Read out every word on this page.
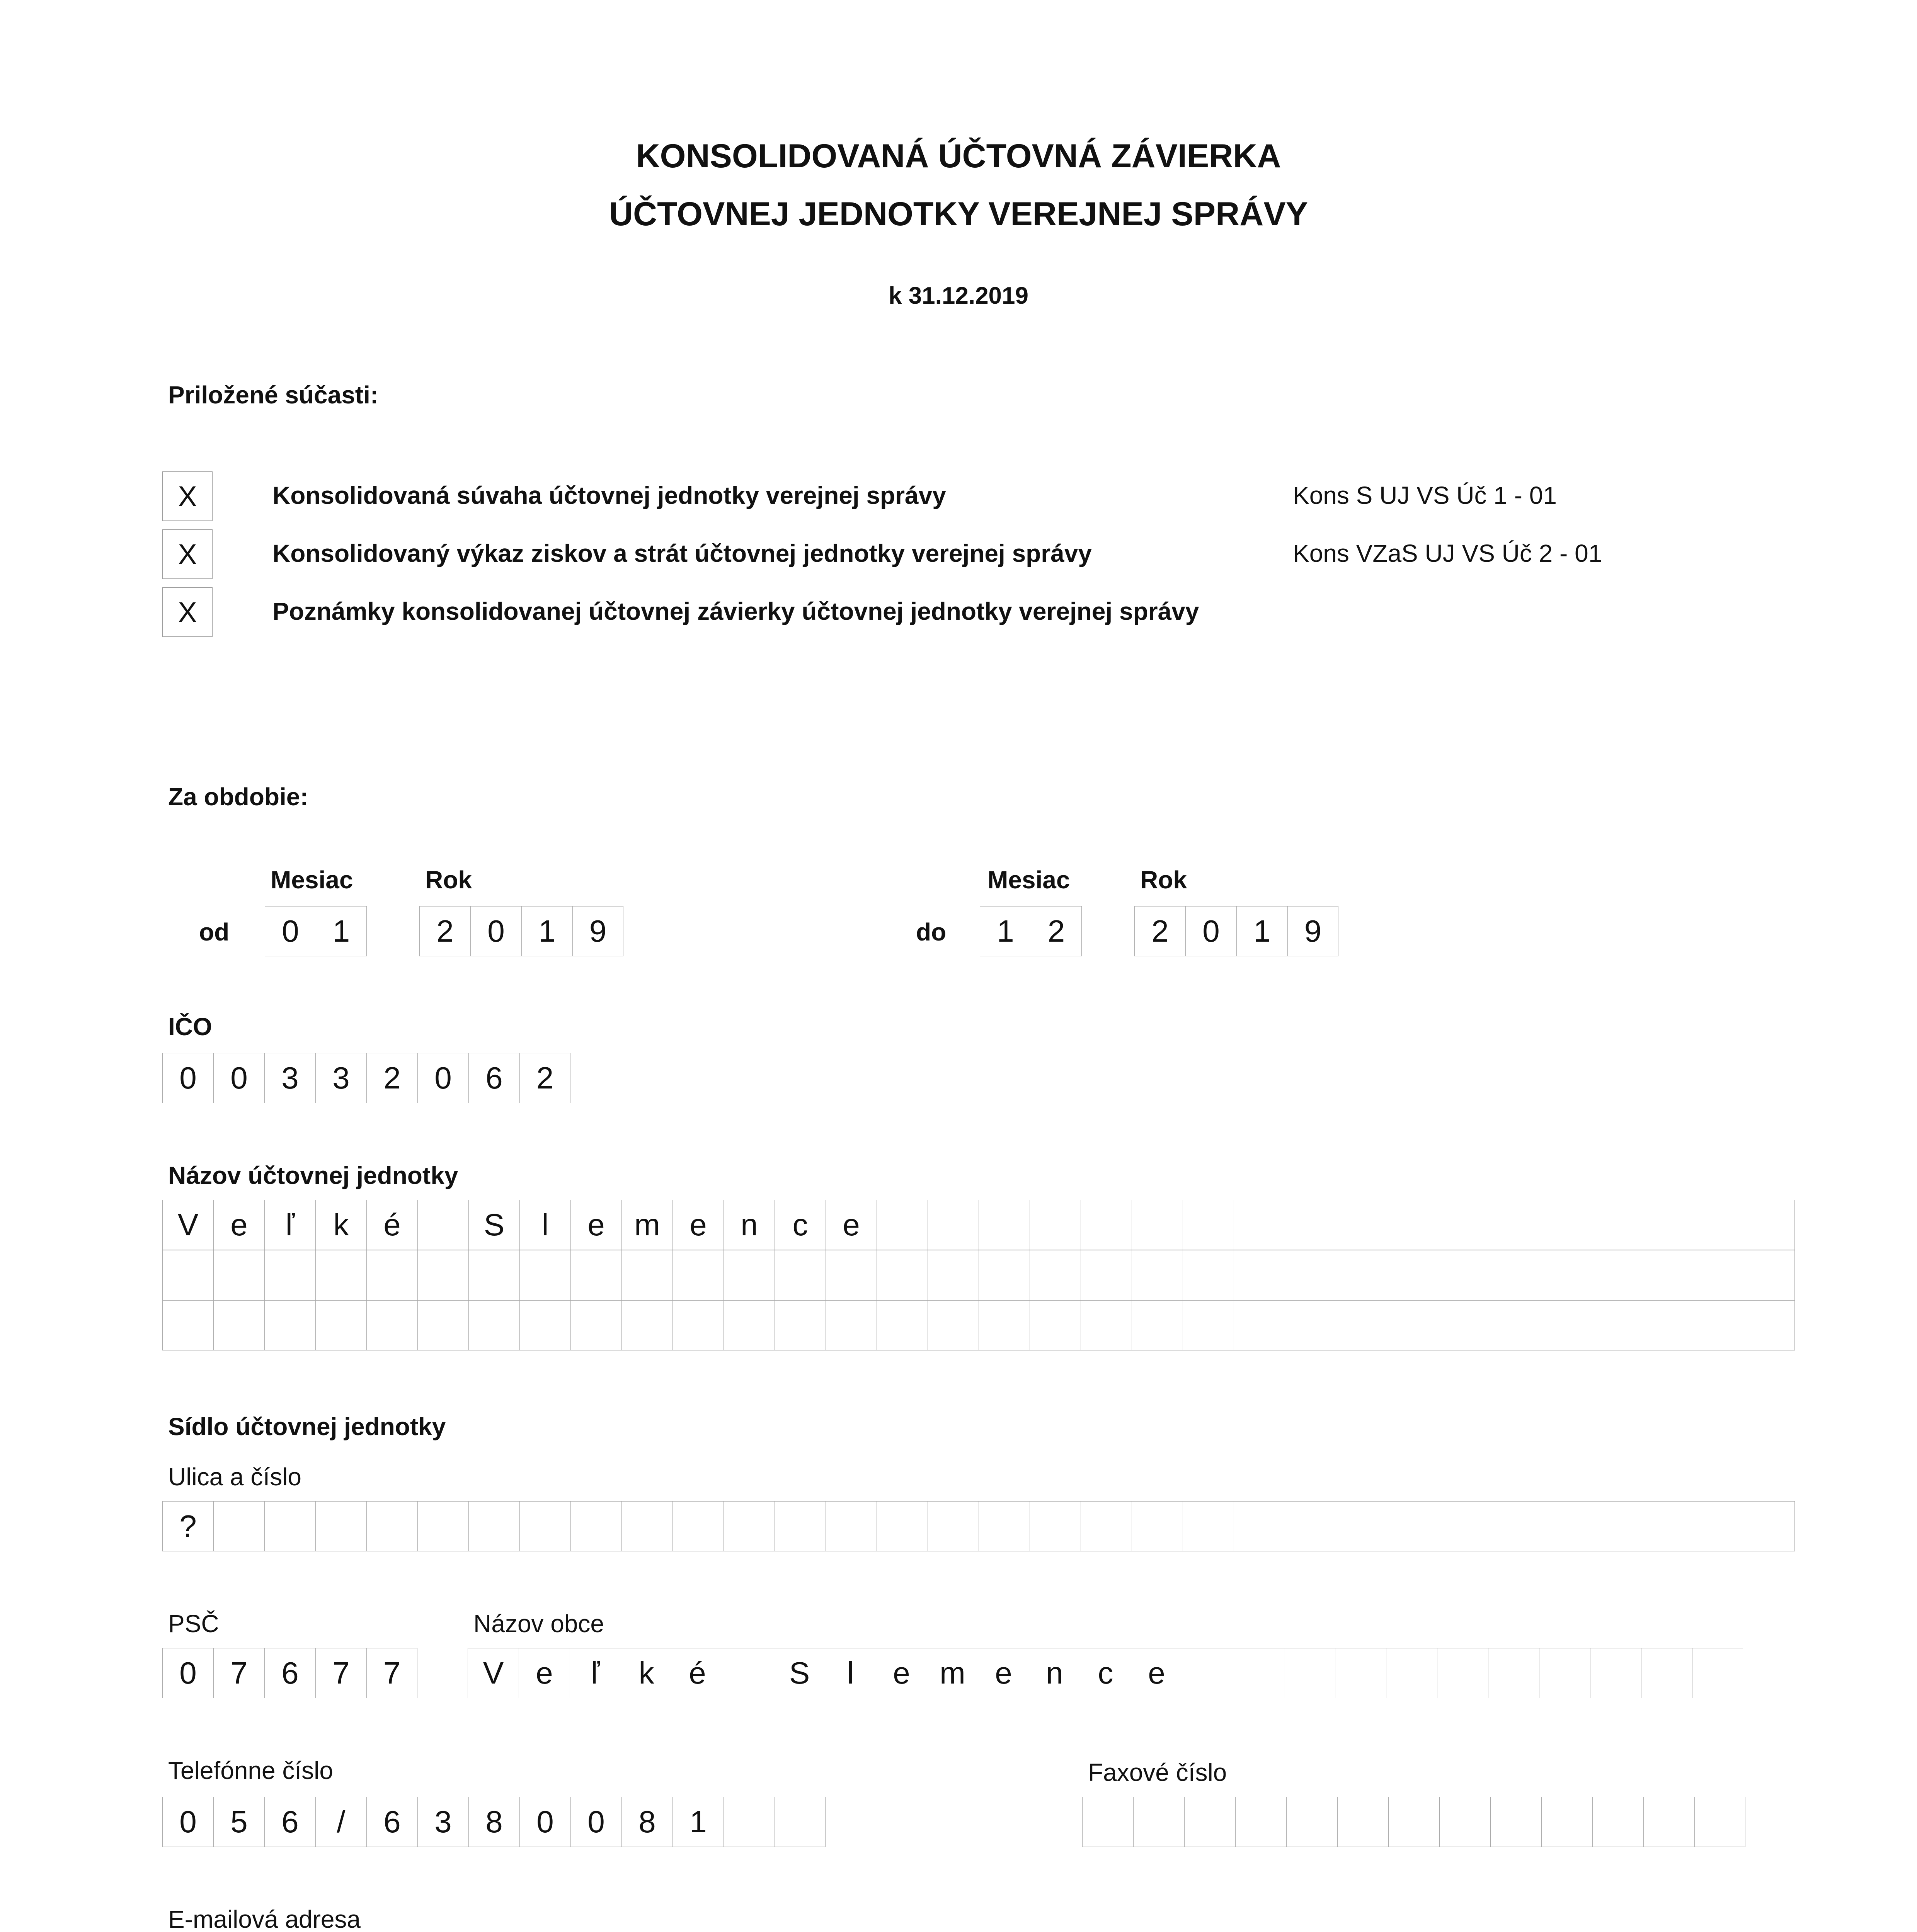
KONSOLIDOVANÁ ÚČTOVNÁ ZÁVIERKA
ÚČTOVNEJ JEDNOTKY VEREJNEJ SPRÁVY
k 31.12.2019
Priložené súčasti:
X	Konsolidovaná súvaha účtovnej jednotky verejnej správy	Kons S UJ VS Úč 1 - 01
X	Konsolidovaný výkaz ziskov a strát účtovnej jednotky verejnej správy	Kons VZaS UJ VS Úč 2 - 01
X	Poznámky konsolidovanej účtovnej závierky účtovnej jednotky verejnej správy
Za obdobie:
Mesiac	Rok
od	0	1	2	0	1	9
Mesiac	Rok
do	1	2	2	0	1	9
IČO
0	0	3	3	2	0	6	2
Názov účtovnej jednotky
V	e	ľ	k	é	S	l	e m e	n	c	e
Sídlo účtovnej jednotky
Ulica a číslo
?
PSČ
0	7	6	7	7
Názov obce
V	e	ľ	k	é	S	l	e m e	n	c	e
Telefónne číslo
0	5	6	/	6	3	8	0	0	8	1
Faxové číslo
E-mailová adresa
